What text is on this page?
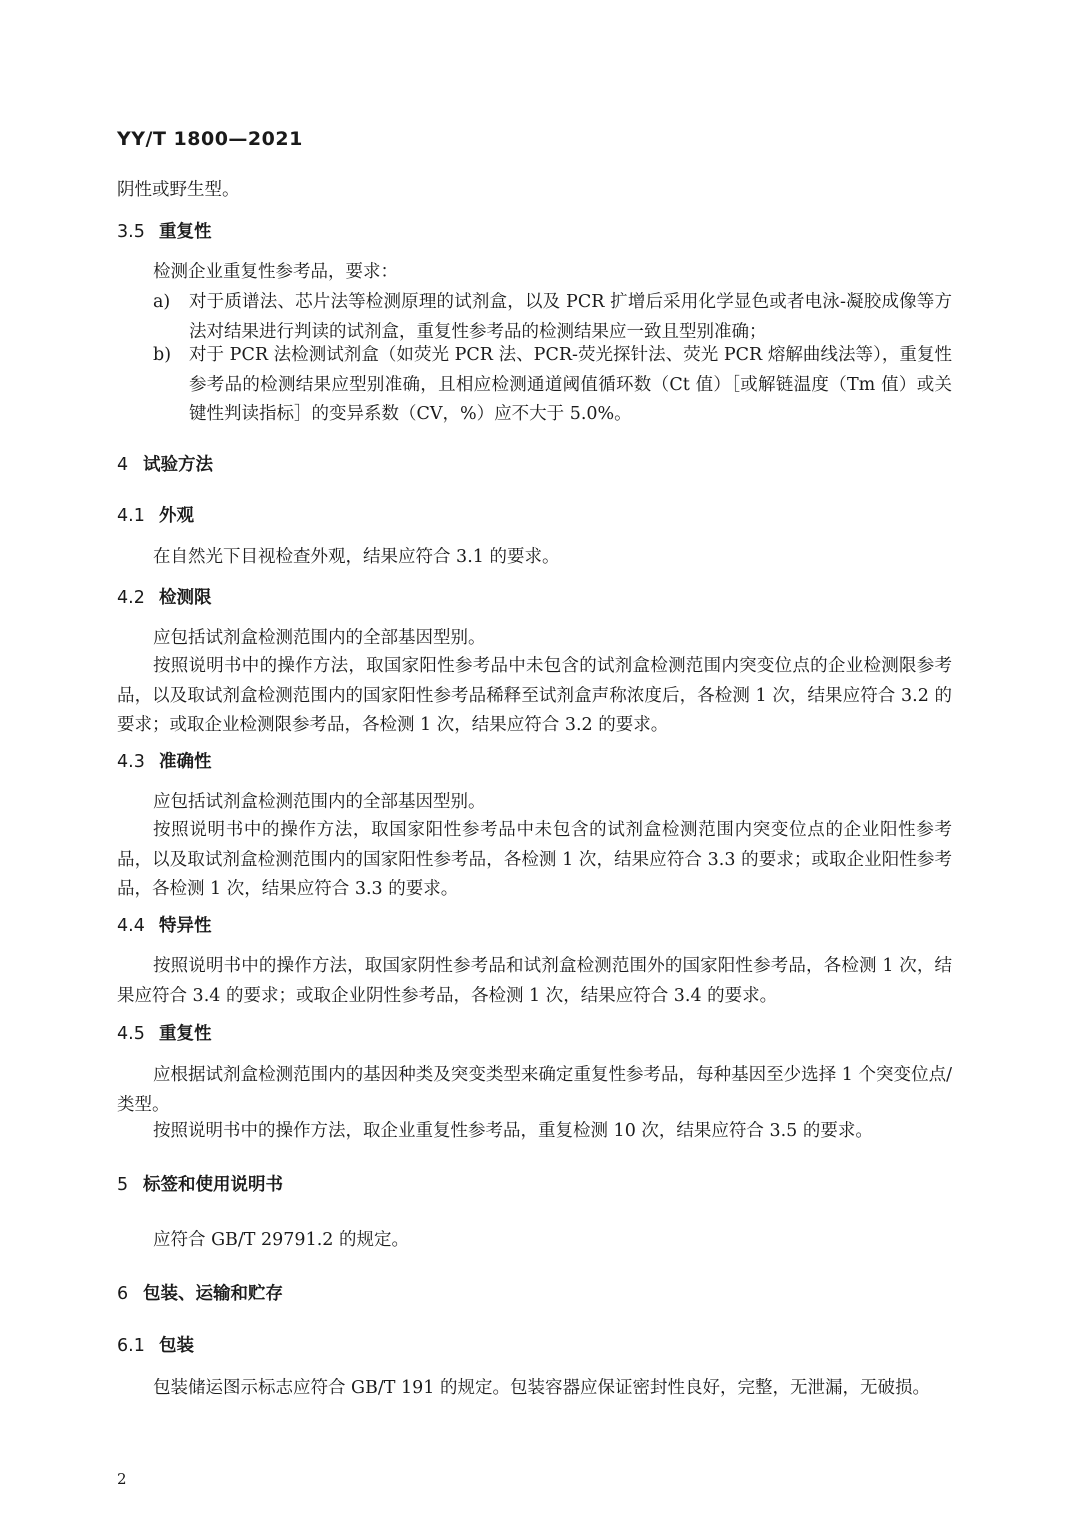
YY/T 1800—2021

阴性或野生型。

3.5 重复性

检测企业重复性参考品，要求：

a) 对于质谱法、芯片法等检测原理的试剂盒，以及 PCR 扩增后采用化学显色或者电泳-凝胶成像等方法对结果进行判读的试剂盒，重复性参考品的检测结果应一致且型别准确；
b) 对于 PCR 法检测试剂盒（如荧光 PCR 法、PCR-荧光探针法、荧光 PCR 熔解曲线法等），重复性参考品的检测结果应型别准确，且相应检测通道阈值循环数（Ct 值）［或解链温度（Tm 值）或关键性判读指标］的变异系数（CV，%）应不大于 5.0%。
4 试验方法
4.1 外观

在自然光下目视检查外观，结果应符合 3.1 的要求。

4.2 检测限

应包括试剂盒检测范围内的全部基因型别。

按照说明书中的操作方法，取国家阳性参考品中未包含的试剂盒检测范围内突变位点的企业检测限参考品，以及取试剂盒检测范围内的国家阳性参考品稀释至试剂盒声称浓度后，各检测 1 次，结果应符合 3.2 的要求；或取企业检测限参考品，各检测 1 次，结果应符合 3.2 的要求。

4.3 准确性

应包括试剂盒检测范围内的全部基因型别。

按照说明书中的操作方法，取国家阳性参考品中未包含的试剂盒检测范围内突变位点的企业阳性参考品，以及取试剂盒检测范围内的国家阳性参考品，各检测 1 次，结果应符合 3.3 的要求；或取企业阳性参考品，各检测 1 次，结果应符合 3.3 的要求。

4.4 特异性

按照说明书中的操作方法，取国家阴性参考品和试剂盒检测范围外的国家阳性参考品，各检测 1 次，结果应符合 3.4 的要求；或取企业阴性参考品，各检测 1 次，结果应符合 3.4 的要求。

4.5 重复性

应根据试剂盒检测范围内的基因种类及突变类型来确定重复性参考品，每种基因至少选择 1 个突变位点/类型。

按照说明书中的操作方法，取企业重复性参考品，重复检测 10 次，结果应符合 3.5 的要求。

5 标签和使用说明书

应符合 GB/T 29791.2 的规定。

6 包装、运输和贮存
6.1 包装

包装储运图示标志应符合 GB/T 191 的规定。包装容器应保证密封性良好，完整，无泄漏，无破损。

2
